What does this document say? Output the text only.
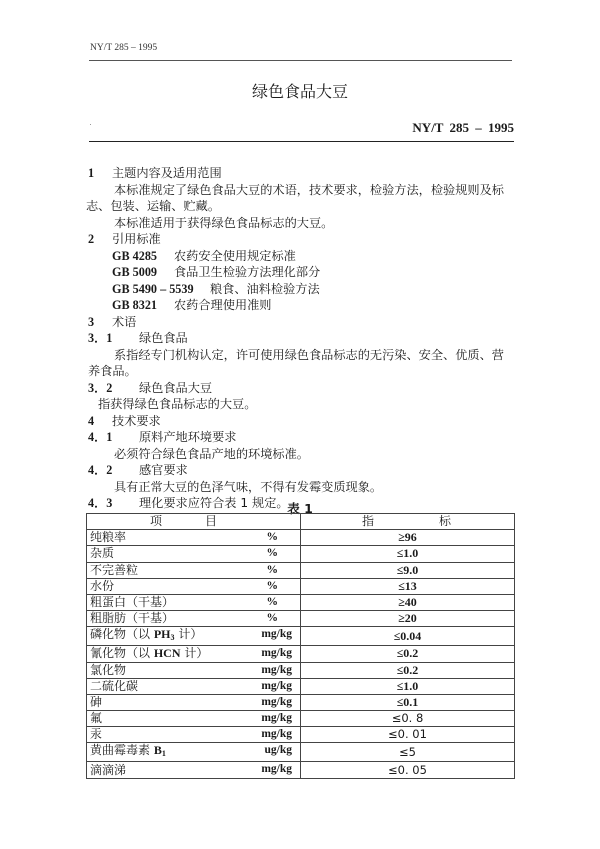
NY/T 285 – 1995
绿色食品大豆
NY/T 285 – 1995
1 主题内容及适用范围
本标准规定了绿色食品大豆的术语，技术要求，检验方法，检验规则及标
志、包装、运输、贮藏。
本标准适用于获得绿色食品标志的大豆。
2 引用标准
GB 4285 农药安全使用规定标准
GB 5009 食品卫生检验方法理化部分
GB 5490 – 5539 粮食、油料检验方法
GB 8321 农药合理使用准则
3 术语
3．1 绿色食品
系指经专门机构认定，许可使用绿色食品标志的无污染、安全、优质、营
养食品。
3．2 绿色食品大豆
指获得绿色食品标志的大豆。
4 技术要求
4．1 原料产地环境要求
必须符合绿色食品产地的环境标准。
4．2 感官要求
具有正常大豆的色泽气味，不得有发霉变质现象。
4．3 理化要求应符合表 1 规定。
表 1
项 目	指 标

纯粮率 %	≥96
杂质 %	≤1.0
不完善粒 %	≤9.0
水份 %	≤13
粗蛋白（干基） %	≥40
粗脂肪（干基） %	≥20
磷化物（以 $PH_3$ 计） mg/kg	≤0.04
氰化物（以 HCN 计） mg/kg	≤0.2
氯化物 mg/kg	≤0.2
二硫化碳 mg/kg	≤1.0
砷 mg/kg	≤0.1
氟 mg/kg	≤0. 8
汞 mg/kg	≤0. 01
黄曲霉毒素 $B_1$ ug/kg	≤5
滴滴涕 mg/kg	≤0. 05
